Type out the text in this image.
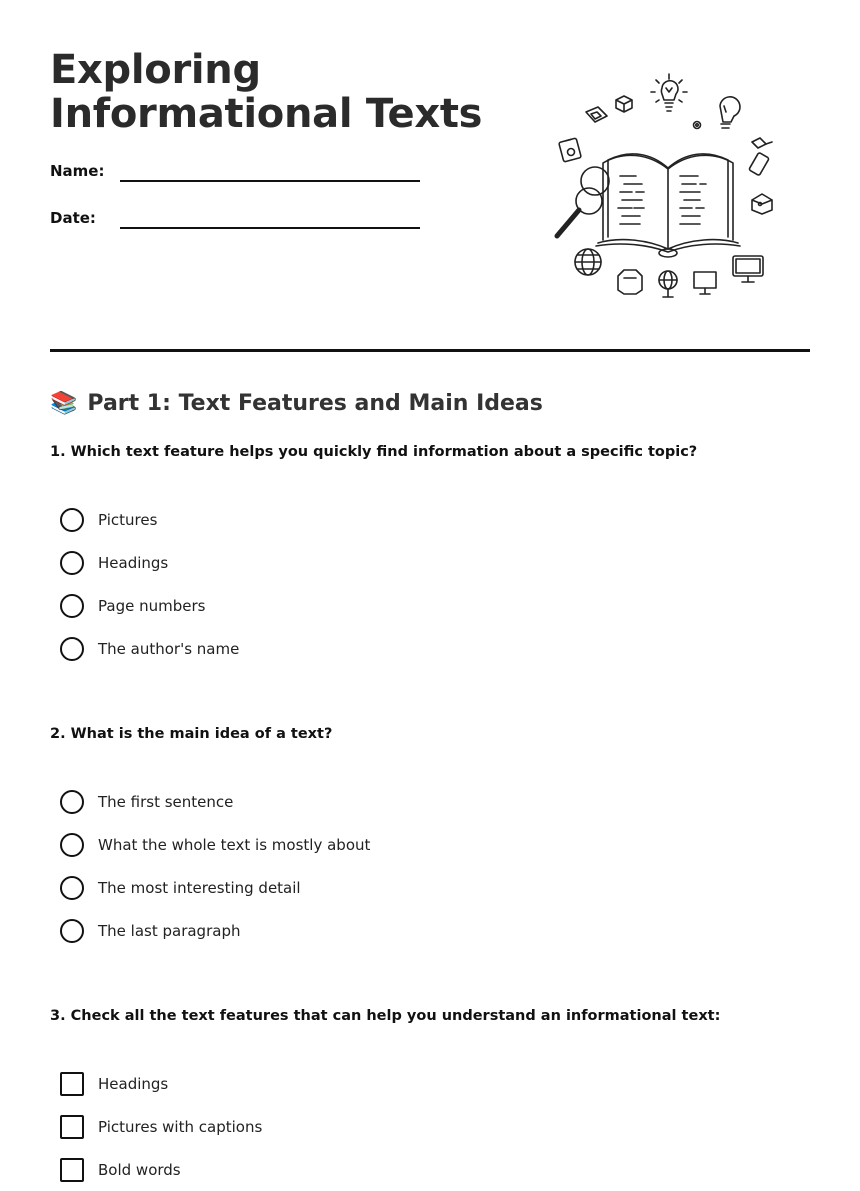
Exploring Informational Texts
Name:
Date:
📚 Part 1: Text Features and Main Ideas

1. Which text feature helps you quickly find information about a specific topic?

Pictures
Headings
Page numbers
The author's name

2. What is the main idea of a text?

The first sentence
What the whole text is mostly about
The most interesting detail
The last paragraph

3. Check all the text features that can help you understand an informational text:

Headings
Pictures with captions
Bold words
